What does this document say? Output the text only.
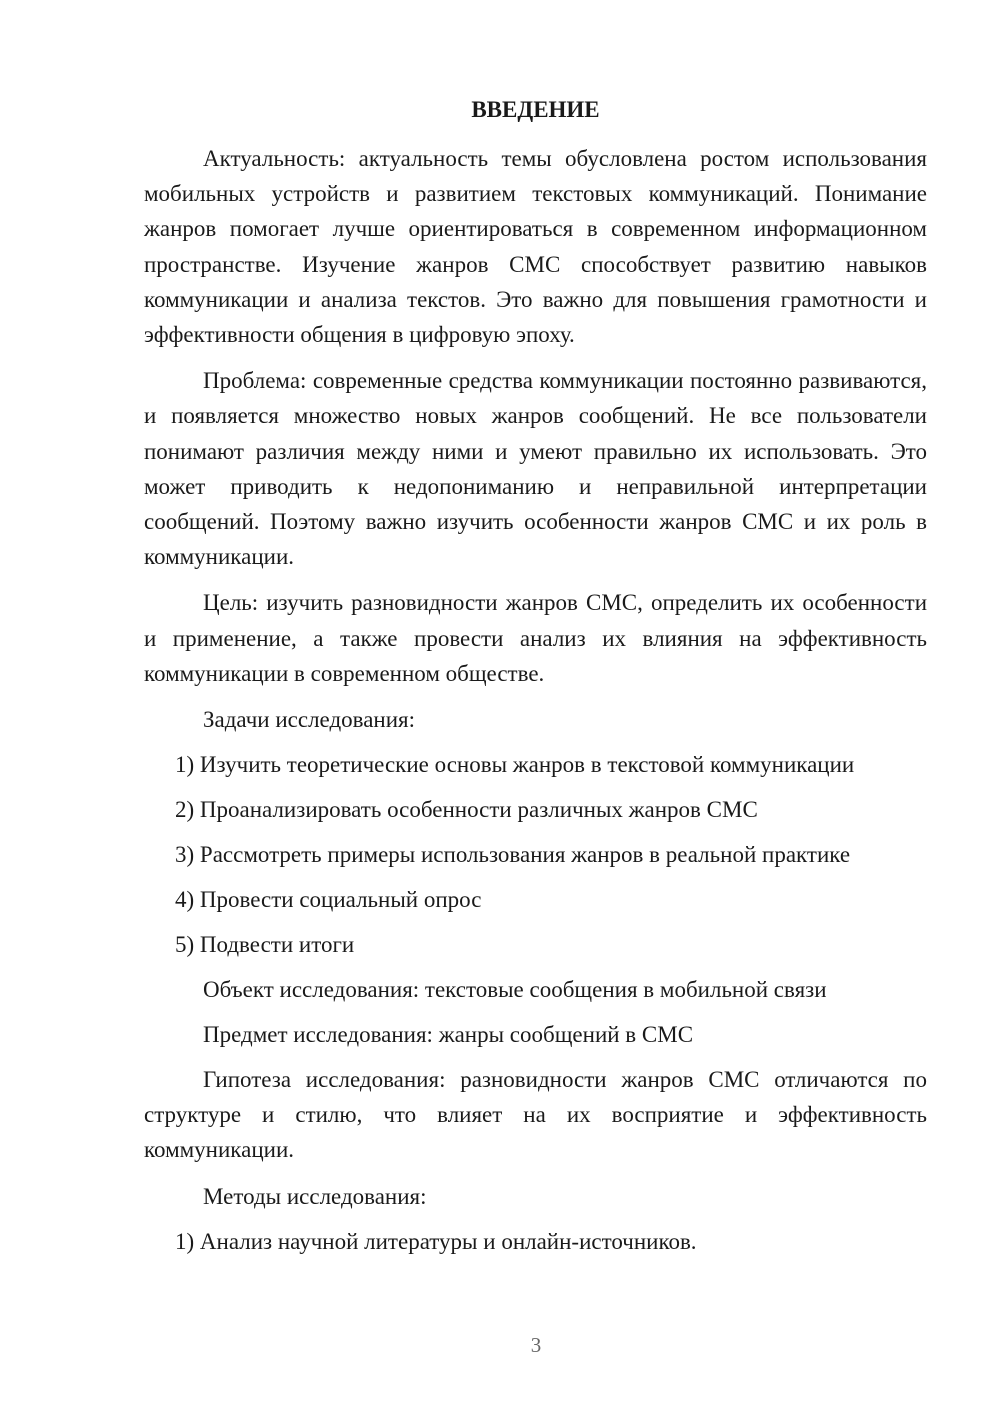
ВВЕДЕНИЕ

Актуальность: актуальность темы обусловлена ростом использования мобильных устройств и развитием текстовых коммуникаций. Понимание жанров помогает лучше ориентироваться в современном информационном пространстве. Изучение жанров СМС способствует развитию навыков коммуникации и анализа текстов. Это важно для повышения грамотности и эффективности общения в цифровую эпоху.

Проблема: современные средства коммуникации постоянно развиваются, и появляется множество новых жанров сообщений. Не все пользователи понимают различия между ними и умеют правильно их использовать. Это может приводить к недопониманию и неправильной интерпретации сообщений. Поэтому важно изучить особенности жанров СМС и их роль в коммуникации.

Цель: изучить разновидности жанров СМС, определить их особенности и применение, а также провести анализ их влияния на эффективность коммуникации в современном обществе.

Задачи исследования:

1) Изучить теоретические основы жанров в текстовой коммуникации

2) Проанализировать особенности различных жанров СМС

3) Рассмотреть примеры использования жанров в реальной практике

4) Провести социальный опрос

5) Подвести итоги

Объект исследования: текстовые сообщения в мобильной связи

Предмет исследования: жанры сообщений в СМС

Гипотеза исследования: разновидности жанров СМС отличаются по структуре и стилю, что влияет на их восприятие и эффективность коммуникации.

Методы исследования:

1) Анализ научной литературы и онлайн-источников.

3
